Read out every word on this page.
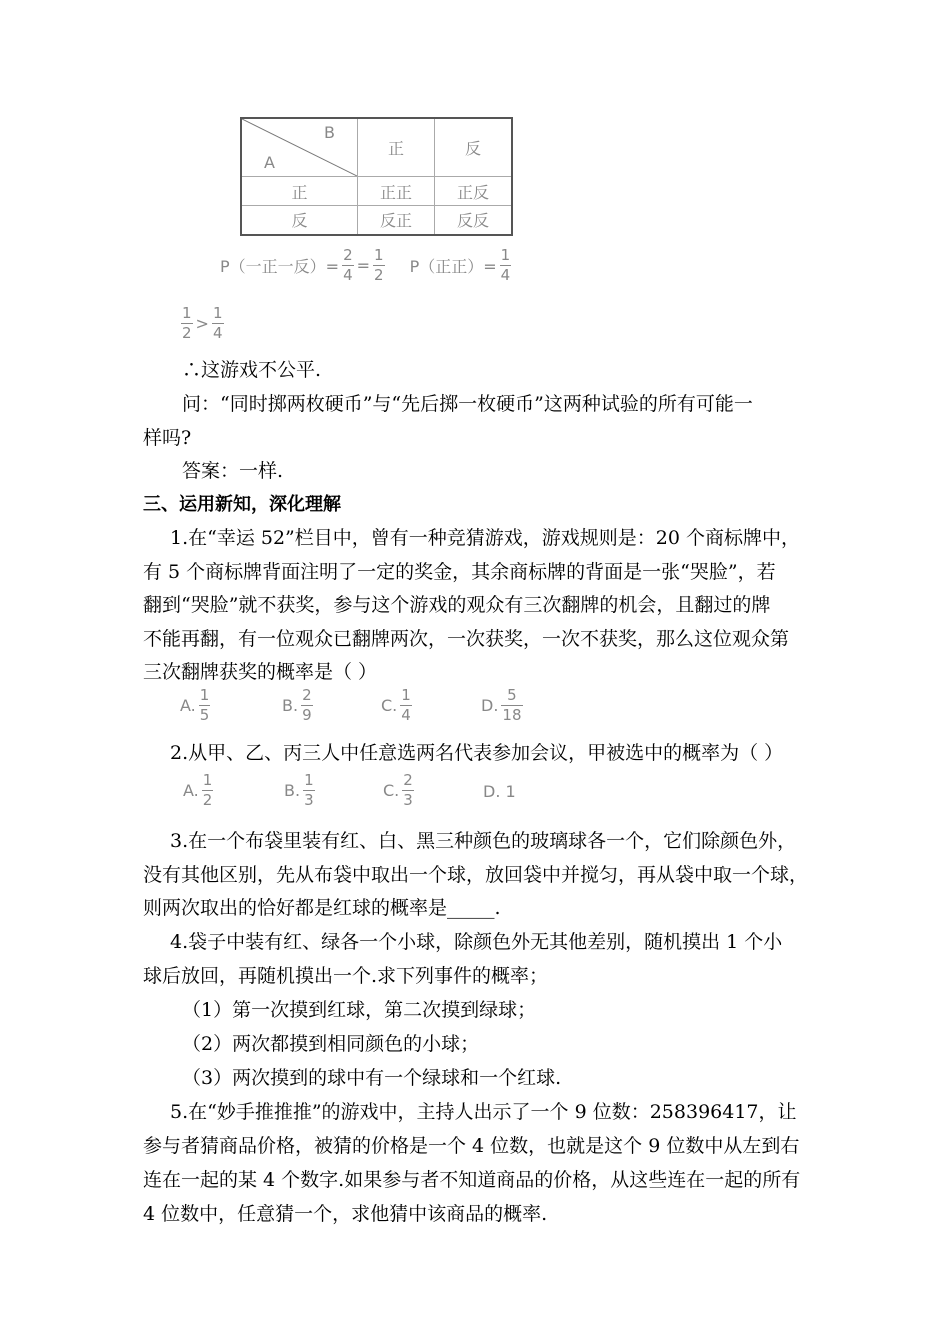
B
A	正	反
正	正正	正反
反	反正	反反
P（一正一反）= $\frac{2}{4} = \frac{1}{2} P$（正正）= $\frac{1}{4}$
$\frac{1}{2} > \frac{1}{4}$
∴这游戏不公平.
问：“同时掷两枚硬币”与“先后掷一枚硬币”这两种试验的所有可能一
样吗?
答案：一样.
三、运用新知，深化理解
1.在“幸运 52”栏目中，曾有一种竞猜游戏，游戏规则是：20 个商标牌中，
有 5 个商标牌背面注明了一定的奖金，其余商标牌的背面是一张“哭脸”，若
翻到“哭脸”就不获奖，参与这个游戏的观众有三次翻牌的机会，且翻过的牌
不能再翻，有一位观众已翻牌两次，一次获奖，一次不获奖，那么这位观众第
三次翻牌获奖的概率是（ ）
A. $\frac{1}{5}$	B. $\frac{2}{9}$	C. $\frac{1}{4}$	D. $\frac{5}{18}$
2.从甲、乙、丙三人中任意选两名代表参加会议，甲被选中的概率为（ ）
A. $\frac{1}{2}$	B. $\frac{1}{3}$	C. $\frac{2}{3}$	D. 1
3.在一个布袋里装有红、白、黑三种颜色的玻璃球各一个，它们除颜色外，
没有其他区别，先从布袋中取出一个球，放回袋中并搅匀，再从袋中取一个球，
则两次取出的恰好都是红球的概率是_____.
4.袋子中装有红、绿各一个小球，除颜色外无其他差别，随机摸出 1 个小
球后放回，再随机摸出一个.求下列事件的概率；
（1）第一次摸到红球，第二次摸到绿球；
（2）两次都摸到相同颜色的小球；
（3）两次摸到的球中有一个绿球和一个红球.
5.在“妙手推推推”的游戏中，主持人出示了一个 9 位数：258396417，让
参与者猜商品价格，被猜的价格是一个 4 位数，也就是这个 9 位数中从左到右
连在一起的某 4 个数字.如果参与者不知道商品的价格，从这些连在一起的所有
4 位数中，任意猜一个，求他猜中该商品的概率.
